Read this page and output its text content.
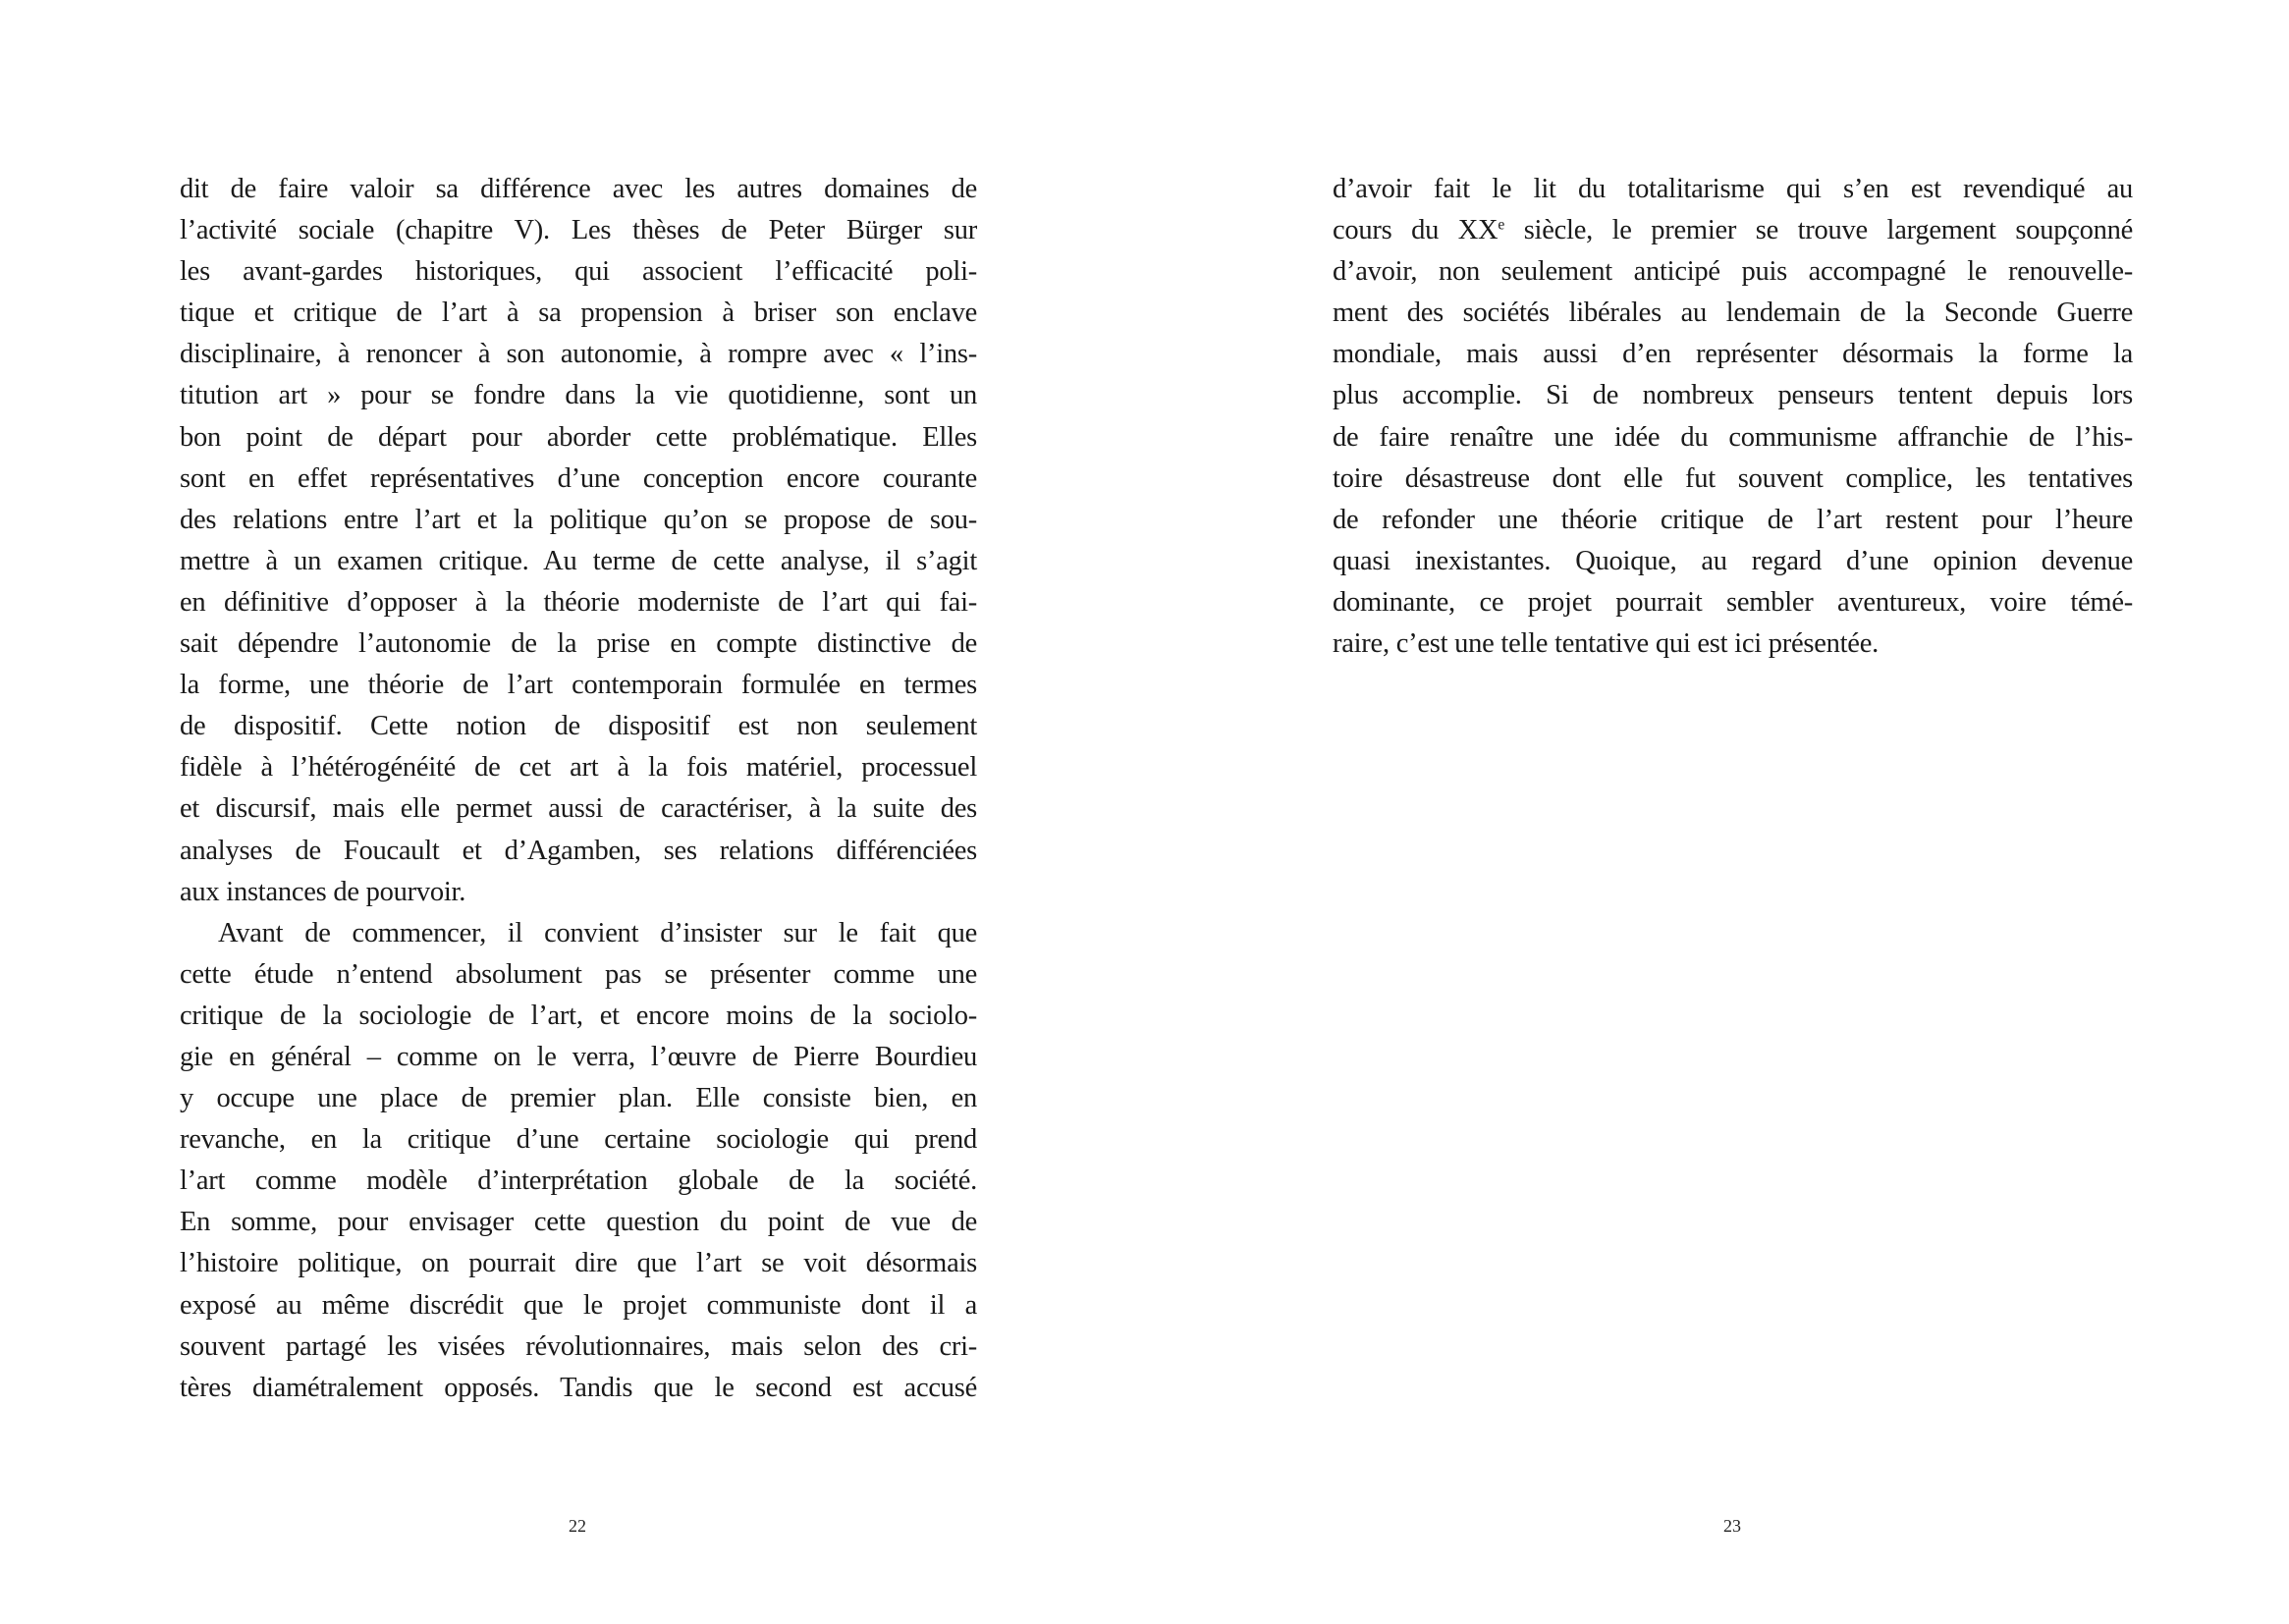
dit de faire valoir sa différence avec les autres domaines de
l’activité sociale (chapitre V). Les thèses de Peter Bürger sur
les avant-gardes historiques, qui associent l’efficacité poli-
tique et critique de l’art à sa propension à briser son enclave
disciplinaire, à renoncer à son autonomie, à rompre avec « l’ins-
titution art » pour se fondre dans la vie quotidienne, sont un
bon point de départ pour aborder cette problématique. Elles
sont en effet représentatives d’une conception encore courante
des relations entre l’art et la politique qu’on se propose de sou-
mettre à un examen critique. Au terme de cette analyse, il s’agit
en définitive d’opposer à la théorie moderniste de l’art qui fai-
sait dépendre l’autonomie de la prise en compte distinctive de
la forme, une théorie de l’art contemporain formulée en termes
de dispositif. Cette notion de dispositif est non seulement
fidèle à l’hétérogénéité de cet art à la fois matériel, processuel
et discursif, mais elle permet aussi de caractériser, à la suite des
analyses de Foucault et d’Agamben, ses relations différenciées
aux instances de pourvoir.
Avant de commencer, il convient d’insister sur le fait que
cette étude n’entend absolument pas se présenter comme une
critique de la sociologie de l’art, et encore moins de la sociolo-
gie en général – comme on le verra, l’œuvre de Pierre Bourdieu
y occupe une place de premier plan. Elle consiste bien, en
revanche, en la critique d’une certaine sociologie qui prend
l’art comme modèle d’interprétation globale de la société.
En somme, pour envisager cette question du point de vue de
l’histoire politique, on pourrait dire que l’art se voit désormais
exposé au même discrédit que le projet communiste dont il a
souvent partagé les visées révolutionnaires, mais selon des cri-
tères diamétralement opposés. Tandis que le second est accusé
d’avoir fait le lit du totalitarisme qui s’en est revendiqué au
cours du XXe siècle, le premier se trouve largement soupçonné
d’avoir, non seulement anticipé puis accompagné le renouvelle-
ment des sociétés libérales au lendemain de la Seconde Guerre
mondiale, mais aussi d’en représenter désormais la forme la
plus accomplie. Si de nombreux penseurs tentent depuis lors
de faire renaître une idée du communisme affranchie de l’his-
toire désastreuse dont elle fut souvent complice, les tentatives
de refonder une théorie critique de l’art restent pour l’heure
quasi inexistantes. Quoique, au regard d’une opinion devenue
dominante, ce projet pourrait sembler aventureux, voire témé-
raire, c’est une telle tentative qui est ici présentée.
22	23
